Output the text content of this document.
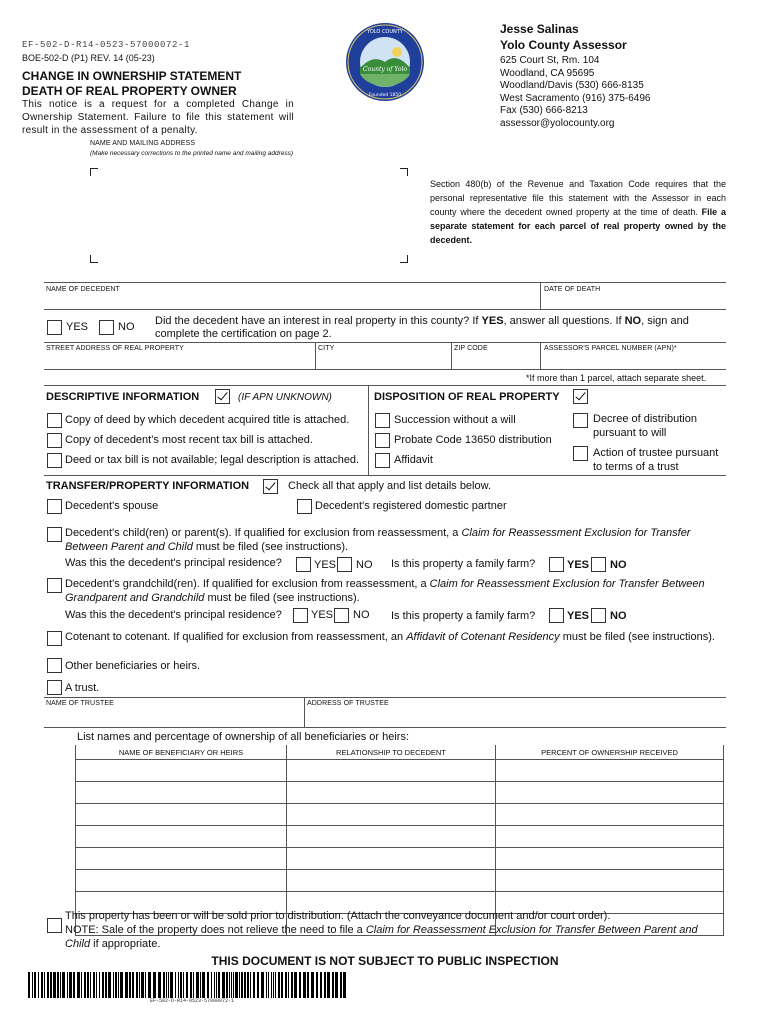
EF-502-D-R14-0523-57000072-1
BOE-502-D (P1) REV. 14 (05-23)
CHANGE IN OWNERSHIP STATEMENT
DEATH OF REAL PROPERTY OWNER
This notice is a request for a completed Change in Ownership Statement. Failure to file this statement will result in the assessment of a penalty.
County of Yolo
YOLO COUNTY
Founded 1850
Jesse Salinas
Yolo County Assessor
625 Court St, Rm. 104
Woodland, CA 95695
Woodland/Davis (530) 666-8135
West Sacramento (916) 375-6496
Fax (530) 666-8213
assessor@yolocounty.org
NAME AND MAILING ADDRESS
(Make necessary corrections to the printed name and mailing address)
Section 480(b) of the Revenue and Taxation Code requires that the personal representative file this statement with the Assessor in each county where the decedent owned property at the time of death. File a separate statement for each parcel of real property owned by the decedent.
NAME OF DECEDENT	DATE OF DEATH
YES	NO Did the decedent have an interest in real property in this county? If YES, answer all questions. If NO, sign and complete the certification on page 2.
STREET ADDRESS OF REAL PROPERTY	CITY	ZIP CODE	ASSESSOR'S PARCEL NUMBER (APN)*
*If more than 1 parcel, attach separate sheet.
DESCRIPTIVE INFORMATION	(IF APN UNKNOWN)
Copy of deed by which decedent acquired title is attached.
Copy of decedent's most recent tax bill is attached.
Deed or tax bill is not available; legal description is attached.
DISPOSITION OF REAL PROPERTY
Succession without a will
Probate Code 13650 distribution
Affidavit
Decree of distribution pursuant to will
Action of trustee pursuant to terms of a trust
TRANSFER/PROPERTY INFORMATION	Check all that apply and list details below.
Decedent's spouse	Decedent's registered domestic partner
Decedent's child(ren) or parent(s). If qualified for exclusion from reassessment, a Claim for Reassessment Exclusion for Transfer Between Parent and Child must be filed (see instructions).
Was this the decedent's principal residence?	YES NO Is this property a family farm?	YES NO
Decedent's grandchild(ren). If qualified for exclusion from reassessment, a Claim for Reassessment Exclusion for Transfer Between Grandparent and Grandchild must be filed (see instructions).
Was this the decedent's principal residence?	YES NO Is this property a family farm?	YES NO
Cotenant to cotenant. If qualified for exclusion from reassessment, an Affidavit of Cotenant Residency must be filed (see instructions).
Other beneficiaries or heirs.
A trust.
NAME OF TRUSTEE	ADDRESS OF TRUSTEE
List names and percentage of ownership of all beneficiaries or heirs:
NAME OF BENEFICIARY OR HEIRS	RELATIONSHIP TO DECEDENT	PERCENT OF OWNERSHIP RECEIVED

This property has been or will be sold prior to distribution. (Attach the conveyance document and/or court order).
NOTE: Sale of the property does not relieve the need to file a Claim for Reassessment Exclusion for Transfer Between Parent and Child if appropriate.
THIS DOCUMENT IS NOT SUBJECT TO PUBLIC INSPECTION
EF-502-D-R14-0523-57000072-1
